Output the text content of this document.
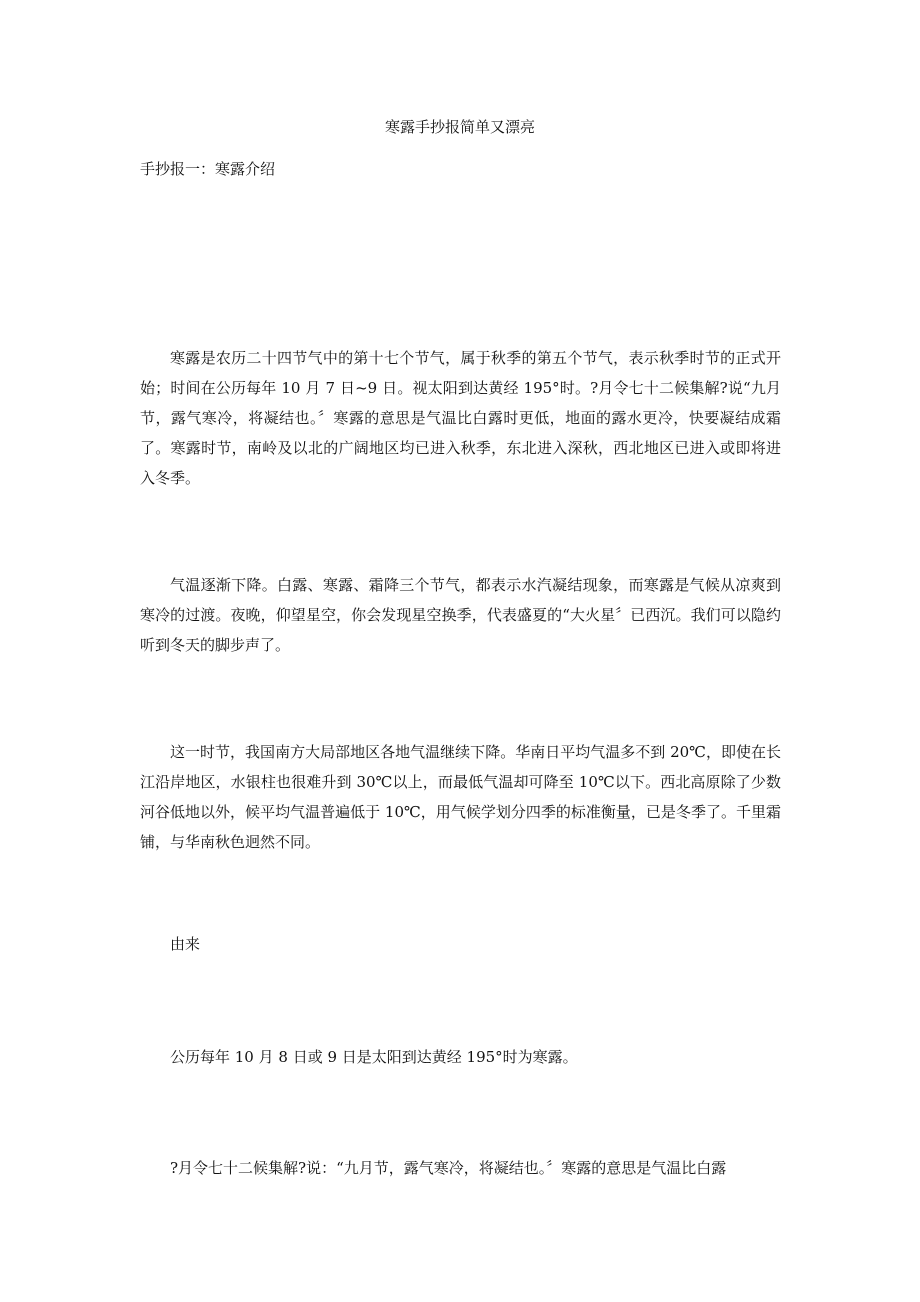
寒露手抄报简单又漂亮
手抄报一：寒露介绍

寒露是农历二十四节气中的第十七个节气，属于秋季的第五个节气，表示秋季时节的正式开始；时间在公历每年 10 月 7 日~9 日。视太阳到达黄经 195°时。?月令七十二候集解?说“九月节，露气寒冷，将凝结也。〞寒露的意思是气温比白露时更低，地面的露水更冷，快要凝结成霜了。寒露时节，南岭及以北的广阔地区均已进入秋季，东北进入深秋，西北地区已进入或即将进入冬季。

气温逐渐下降。白露、寒露、霜降三个节气，都表示水汽凝结现象，而寒露是气候从凉爽到寒冷的过渡。夜晚，仰望星空，你会发现星空换季，代表盛夏的“大火星〞已西沉。我们可以隐约听到冬天的脚步声了。

这一时节，我国南方大局部地区各地气温继续下降。华南日平均气温多不到 20℃，即使在长江沿岸地区，水银柱也很难升到 30℃以上，而最低气温却可降至 10℃以下。西北高原除了少数河谷低地以外，候平均气温普遍低于 10℃，用气候学划分四季的标准衡量，已是冬季了。千里霜铺，与华南秋色迥然不同。

由来

公历每年 10 月 8 日或 9 日是太阳到达黄经 195°时为寒露。

?月令七十二候集解?说：“九月节，露气寒冷，将凝结也。〞寒露的意思是气温比白露
